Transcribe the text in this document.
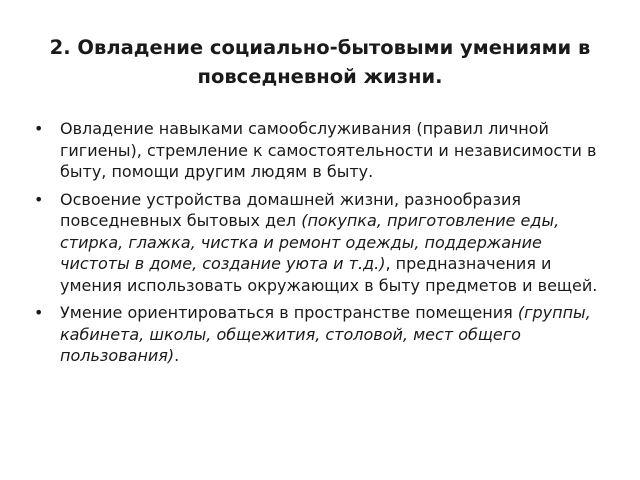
2. Овладение социально-бытовыми умениями в повседневной жизни.
• Овладение навыками самообслуживания (правил личной гигиены), стремление к самостоятельности и независимости в быту, помощи другим людям в быту.
• Освоение устройства домашней жизни, разнообразия повседневных бытовых дел (покупка, приготовление еды, стирка, глажка, чистка и ремонт одежды, поддержание чистоты в доме, создание уюта и т.д.), предназначения и умения использовать окружающих в быту предметов и вещей.
• Умение ориентироваться в пространстве помещения (группы, кабинета, школы, общежития, столовой, мест общего пользования).
